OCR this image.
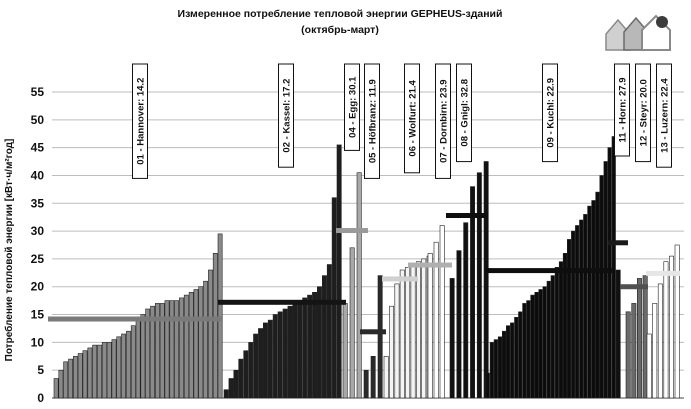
Измеренное потребление тепловой энергии GEPHEUS-зданий
(октябрь-март)
Потребление тепловой энергии [кВт·ч/м²год]
0
5
10
15
20
25
30
35
40
45
50
55	01 - Hannover: 14.2	02 - Kassel: 17.2	04 - Egg: 30.1 05 - Höfbranz: 11.9	06 - Wolfurt: 21.4 07 - Dornbirn: 23.9 08 - Gnigl: 32.8	09 - Kuchl: 22.9	11 - Horn: 27.9 12 - Steyr: 20.0 13 - Luzern: 22.4
